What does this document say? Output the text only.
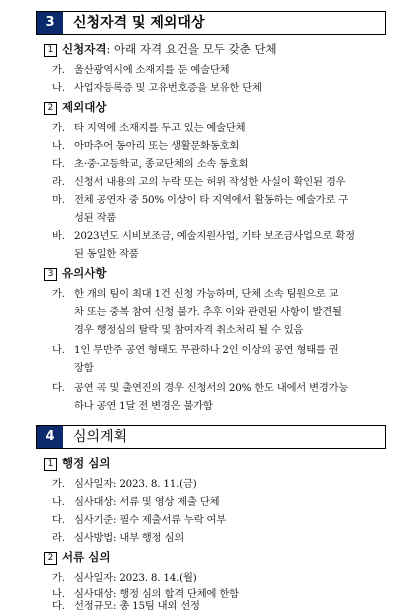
3	신청자격 및 제외대상
1 신청자격: 아래 자격 요건을 모두 갖춘 단체
가. 울산광역시에 소재지를 둔 예술단체
나. 사업자등록증 및 고유번호증을 보유한 단체
2 제외대상
가. 타 지역에 소재지를 두고 있는 예술단체
나. 아마추어 동아리 또는 생활문화동호회
다. 초·중·고등학교, 종교단체의 소속 동호회
라. 신청서 내용의 고의 누락 또는 허위 작성한 사실이 확인된 경우
마. 전체 공연자 중 50% 이상이 타 지역에서 활동하는 예술가로 구
성된 작품
바. 2023년도 시비보조금, 예술지원사업, 기타 보조금사업으로 확정
된 동일한 작품
3 유의사항
가. 한 개의 팀이 최대 1건 신청 가능하며, 단체 소속 팀원으로 교
차 또는 중복 참여 신청 불가. 추후 이와 관련된 사항이 발견될
경우 행정심의 탈락 및 참여자격 취소처리 될 수 있음
나. 1인 무반주 공연 형태도 무관하나 2인 이상의 공연 형태를 권
장함
다. 공연 곡 및 출연진의 경우 신청서의 20% 한도 내에서 변경가능
하나 공연 1달 전 변경은 불가함
4	심의계획
1 행정 심의
가. 심사일자: 2023. 8. 11.(금)
나. 심사대상: 서류 및 영상 제출 단체
다. 심사기준: 필수 제출서류 누락 여부
라. 심사방법: 내부 행정 심의
2 서류 심의
가. 심사일자: 2023. 8. 14.(월)
나. 심사대상: 행정 심의 합격 단체에 한함
다. 선정규모: 총 15팀 내외 선정
